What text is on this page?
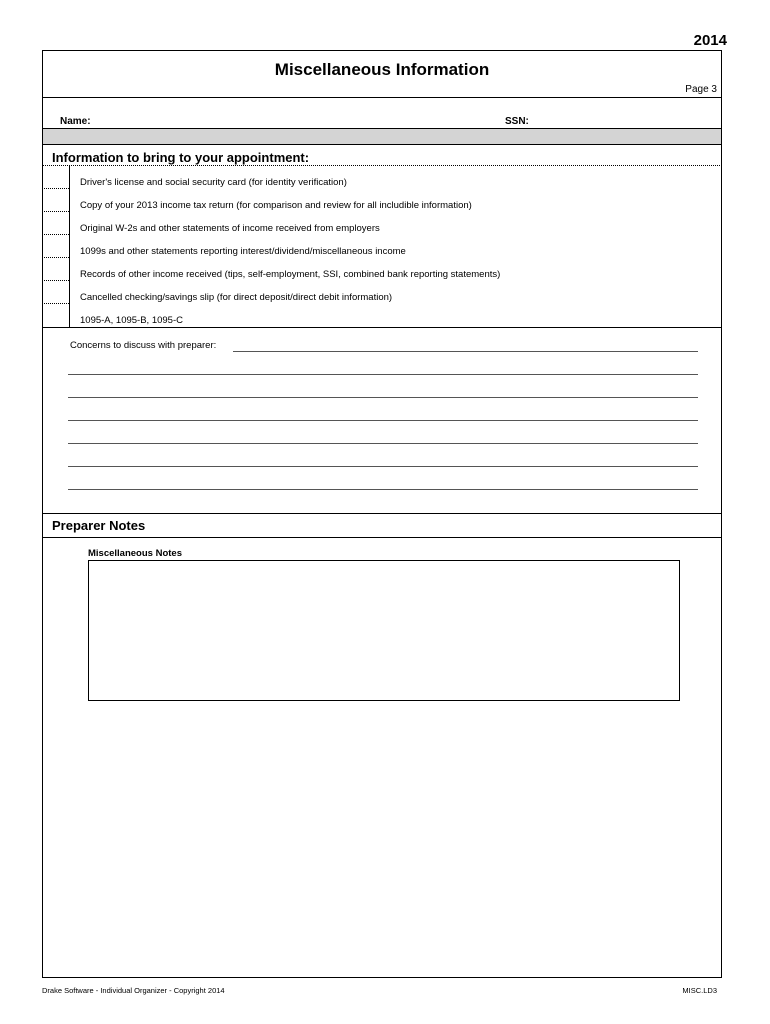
2014
Miscellaneous Information
Page 3
Name:	SSN:
Information to bring to your appointment:
Driver's license and social security card (for identity verification)
Copy of your 2013 income tax return (for comparison and review for all includible information)
Original W-2s and other statements of income received from employers
1099s and other statements reporting interest/dividend/miscellaneous income
Records of other income received (tips, self-employment, SSI, combined bank reporting statements)
Cancelled checking/savings slip (for direct deposit/direct debit information)
1095-A, 1095-B, 1095-C
Concerns to discuss with preparer:
Preparer Notes
Miscellaneous Notes
Drake Software - Individual Organizer - Copyright 2014	MISC.LD3
